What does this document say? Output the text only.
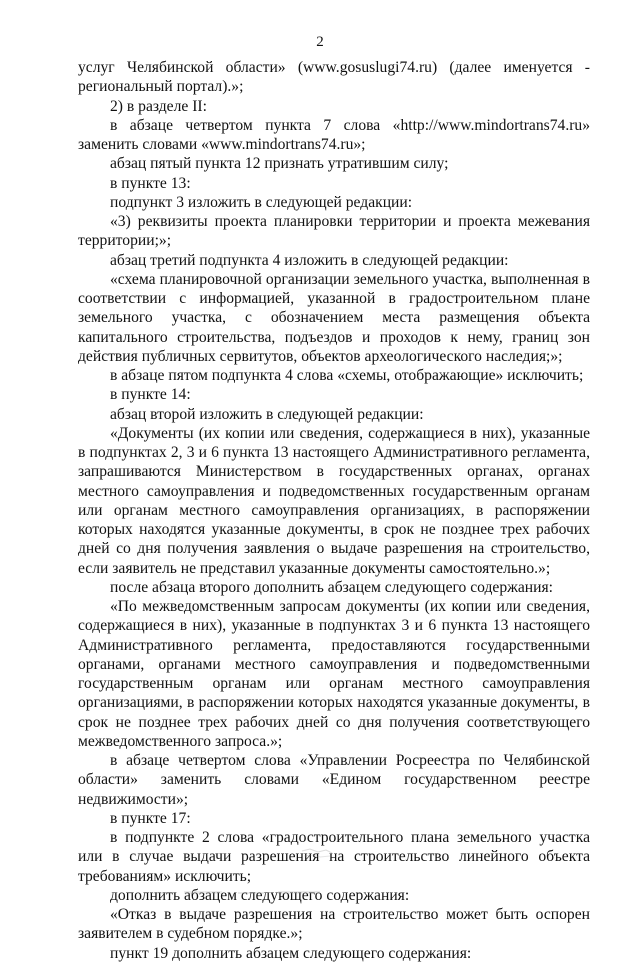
2

услуг Челябинской области» (www.gosuslugi74.ru) (далее именуется - региональный портал).»;

2) в разделе II:

в абзаце четвертом пункта 7 слова «http://www.mindortrans74.ru» заменить словами «www.mindortrans74.ru»;

абзац пятый пункта 12 признать утратившим силу;

в пункте 13:

подпункт 3 изложить в следующей редакции:

«3) реквизиты проекта планировки территории и проекта межевания территории;»;

абзац третий подпункта 4 изложить в следующей редакции:

«схема планировочной организации земельного участка, выполненная в соответствии с информацией, указанной в градостроительном плане земельного участка, с обозначением места размещения объекта капитального строительства, подъездов и проходов к нему, границ зон действия публичных сервитутов, объектов археологического наследия;»;

в абзаце пятом подпункта 4 слова «схемы, отображающие» исключить;

в пункте 14:

абзац второй изложить в следующей редакции:

«Документы (их копии или сведения, содержащиеся в них), указанные в подпунктах 2, 3 и 6 пункта 13 настоящего Административного регламента, запрашиваются Министерством в государственных органах, органах местного самоуправления и подведомственных государственным органам или органам местного самоуправления организациях, в распоряжении которых находятся указанные документы, в срок не позднее трех рабочих дней со дня получения заявления о выдаче разрешения на строительство, если заявитель не представил указанные документы самостоятельно.»;

после абзаца второго дополнить абзацем следующего содержания:

«По межведомственным запросам документы (их копии или сведения, содержащиеся в них), указанные в подпунктах 3 и 6 пункта 13 настоящего Административного регламента, предоставляются государственными органами, органами местного самоуправления и подведомственными государственным органам или органам местного самоуправления организациями, в распоряжении которых находятся указанные документы, в срок не позднее трех рабочих дней со дня получения соответствующего межведомственного запроса.»;

в абзаце четвертом слова «Управлении Росреестра по Челябинской области» заменить словами «Едином государственном реестре недвижимости»;

в пункте 17:

в подпункте 2 слова «градостроительного плана земельного участка или в случае выдачи разрешения на строительство линейного объекта требованиям» исключить;

дополнить абзацем следующего содержания:

«Отказ в выдаче разрешения на строительство может быть оспорен заявителем в судебном порядке.»;

пункт 19 дополнить абзацем следующего содержания:
